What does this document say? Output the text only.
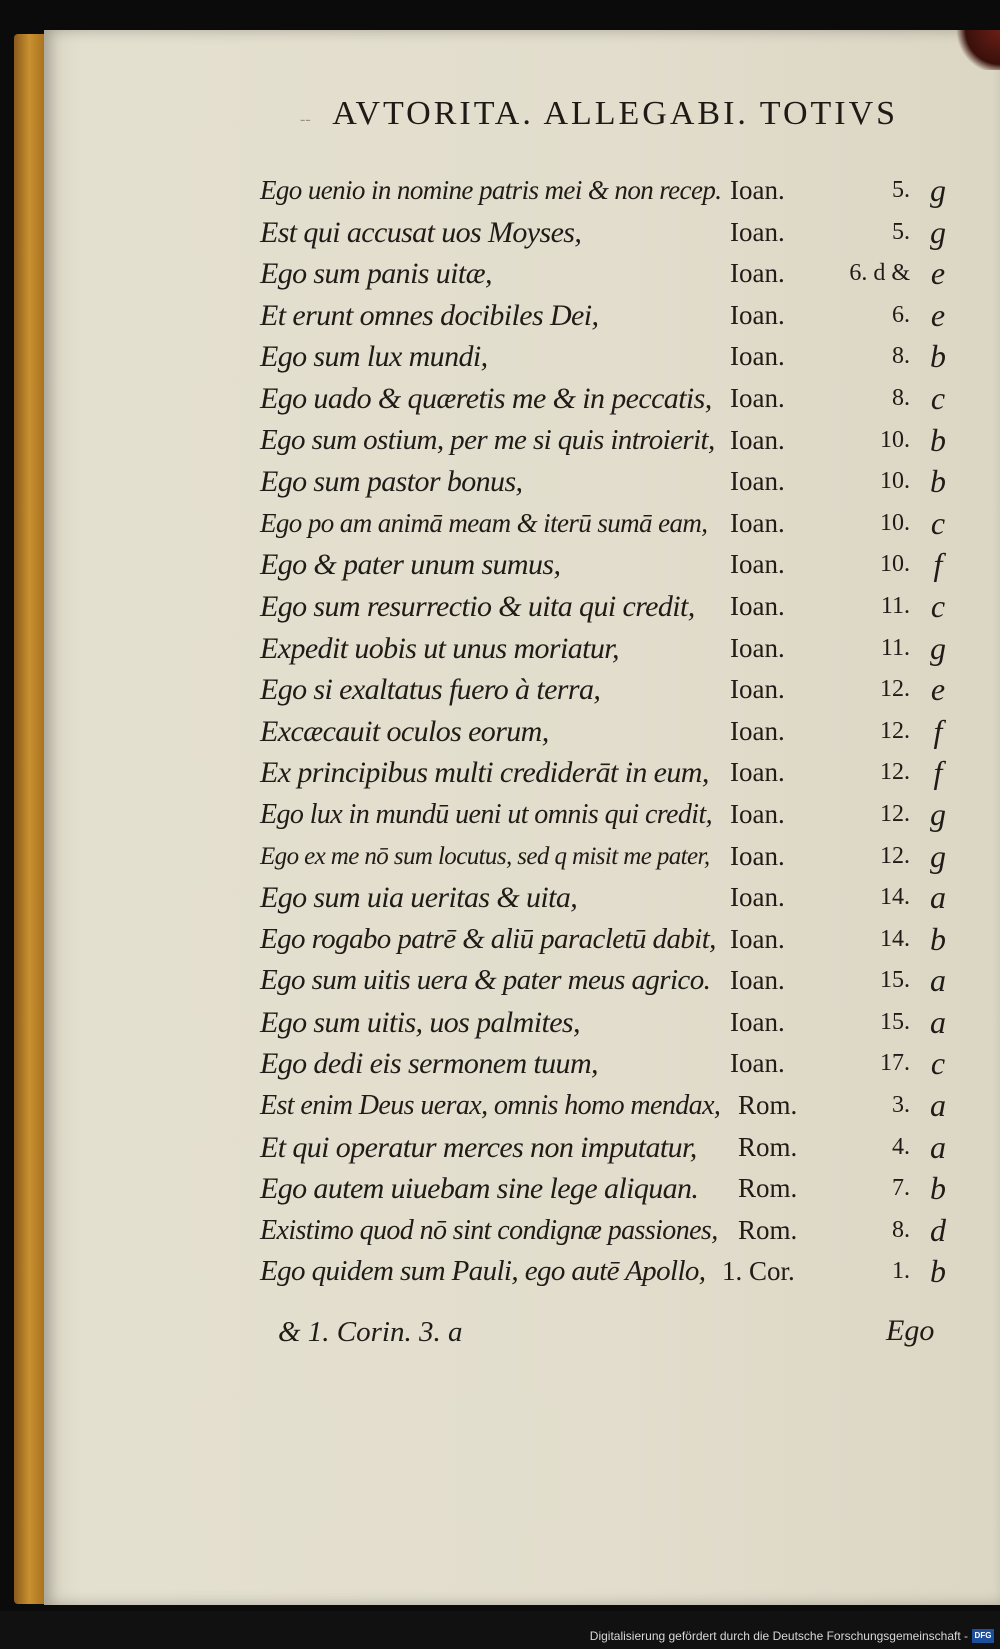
-- AVTORITA. ALLEGABI. TOTIVS
Ego uenio in nomine patris mei & non recep. Ioan.	5. g
Est qui accusat uos Moyses,	Ioan.	5. g
Ego sum panis uitæ,	Ioan.	6. d & e
Et erunt omnes docibiles Dei,	Ioan.	6. e
Ego sum lux mundi,	Ioan.	8. b
Ego uado & quæretis me & in peccatis, Ioan.	8. c
Ego sum ostium, per me si quis introierit, Ioan.	10. b
Ego sum pastor bonus,	Ioan.	10. b
Ego po am animā meam & iterū sumā eam, Ioan.	10. c
Ego & pater unum sumus,	Ioan.	10. f
Ego sum resurrectio & uita qui credit, Ioan.	11. c
Expedit uobis ut unus moriatur,	Ioan.	11. g
Ego si exaltatus fuero à terra,	Ioan.	12. e
Excæcauit oculos eorum,	Ioan.	12. f
Ex principibus multi crediderāt in eum, Ioan.	12. f
Ego lux in mundū ueni ut omnis qui credit, Ioan.	12. g
Ego ex me nō sum locutus, sed q misit me pater, Ioan.	12. g
Ego sum uia ueritas & uita,	Ioan.	14. a
Ego rogabo patrē & aliū paracletū dabit, Ioan.	14. b
Ego sum uitis uera & pater meus agrico. Ioan.	15. a
Ego sum uitis, uos palmites,	Ioan.	15. a
Ego dedi eis sermonem tuum,	Ioan.	17. c
Est enim Deus uerax, omnis homo mendax, Rom.	3. a
Et qui operatur merces non imputatur, Rom.	4. a
Ego autem uiuebam sine lege aliquan. Rom.	7. b
Existimo quod nō sint condignæ passiones, Rom.	8. d
Ego quidem sum Pauli, ego autē Apollo, 1. Cor.	1. b
& 1. Corin. 3. a	Ego
Digitalisierung gefördert durch die Deutsche Forschungsgemeinschaft - DFG
